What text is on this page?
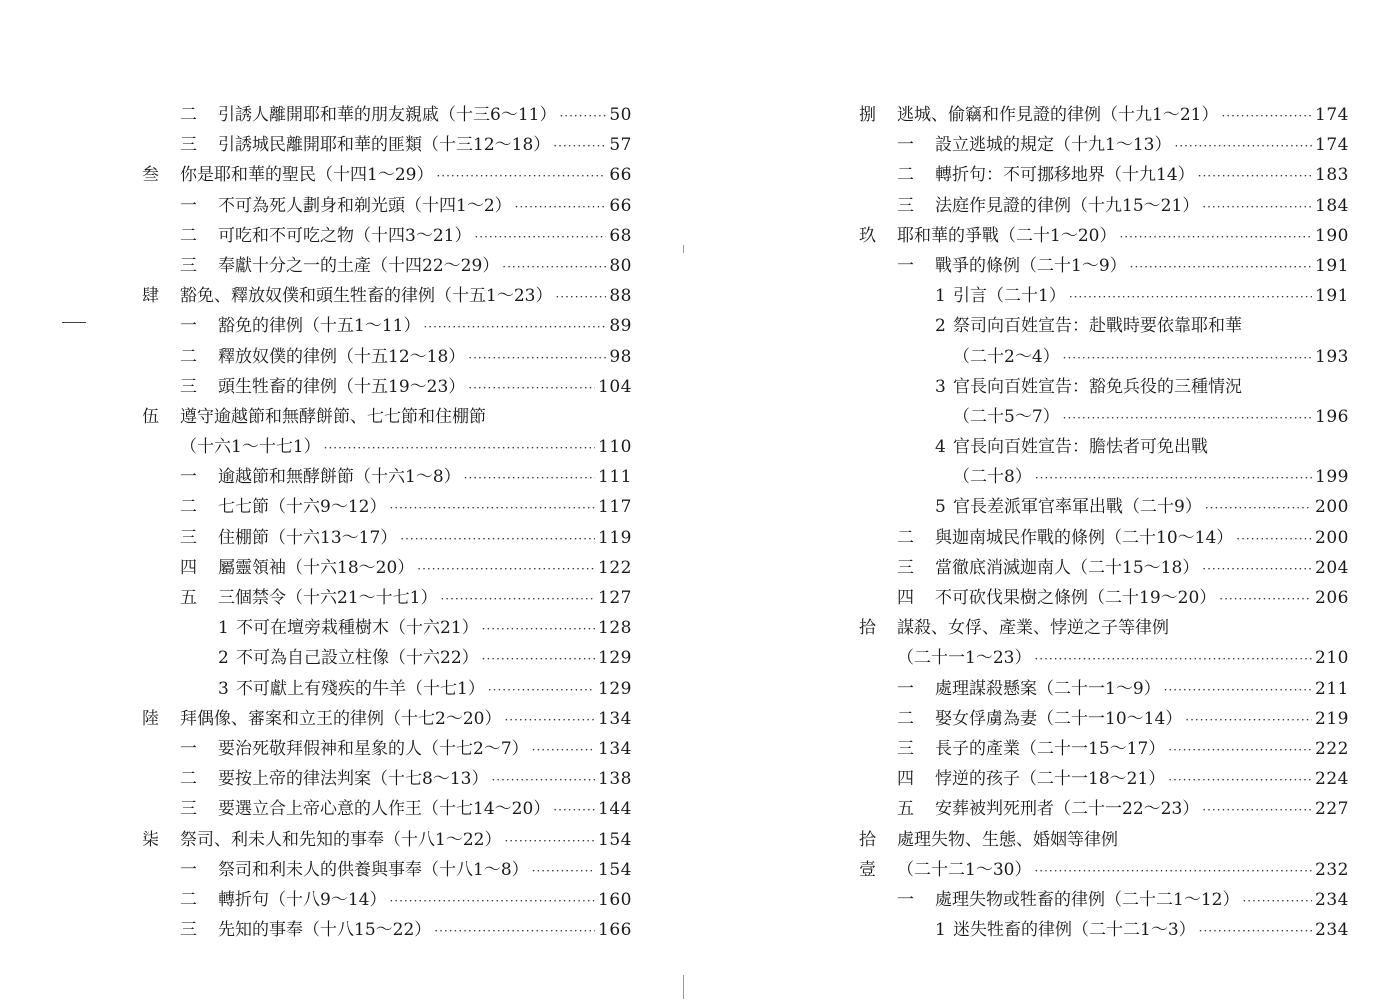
二	引誘人離開耶和華的朋友親戚（十三6～11） ·····	50
三	引誘城民離開耶和華的匪類（十三12～18） ·····	57
叁	你是耶和華的聖民（十四1～29） ·····	66
一	不可為死人劃身和剃光頭（十四1～2） ·····	66
二	可吃和不可吃之物（十四3～21） ·····	68
三	奉獻十分之一的土產（十四22～29） ·····	80
肆	豁免、釋放奴僕和頭生牲畜的律例（十五1～23） ·····	88
一	豁免的律例（十五1～11） ·····	89
二	釋放奴僕的律例（十五12～18） ·····	98
三	頭生牲畜的律例（十五19～23） ·····	104
伍	遵守逾越節和無酵餅節、七七節和住棚節
（十六1～十七1） ·····	110
一	逾越節和無酵餅節（十六1～8） ·····	111
二	七七節（十六9～12） ·····	117
三	住棚節（十六13～17） ·····	119
四	屬靈領袖（十六18～20） ·····	122
五	三個禁令（十六21～十七1） ·····	127
1 不可在壇旁栽種樹木（十六21） ·····	128
2 不可為自己設立柱像（十六22） ·····	129
3 不可獻上有殘疾的牛羊（十七1） ·····	129
陸	拜偶像、審案和立王的律例（十七2～20） ·····	134
一	要治死敬拜假神和星象的人（十七2～7） ·····	134
二	要按上帝的律法判案（十七8～13） ·····	138
三	要選立合上帝心意的人作王（十七14～20） ·····	144
柒	祭司、利未人和先知的事奉（十八1～22） ·····	154
一	祭司和利未人的供養與事奉（十八1～8） ·····	154
二	轉折句（十八9～14） ·····	160
三	先知的事奉（十八15～22） ·····	166
捌	逃城、偷竊和作見證的律例（十九1～21） ·····	174
一	設立逃城的規定（十九1～13） ·····	174
二	轉折句：不可挪移地界（十九14） ·····	183
三	法庭作見證的律例（十九15～21） ·····	184
玖	耶和華的爭戰（二十1～20） ·····	190
一	戰爭的條例（二十1～9） ·····	191
1 引言（二十1） ·····	191
2 祭司向百姓宣告：赴戰時要依靠耶和華
（二十2～4） ·····	193
3 官長向百姓宣告：豁免兵役的三種情況
（二十5～7） ·····	196
4 官長向百姓宣告：膽怯者可免出戰
（二十8） ·····	199
5 官長差派軍官率軍出戰（二十9） ·····	200
二	與迦南城民作戰的條例（二十10～14） ·····	200
三	當徹底消滅迦南人（二十15～18） ·····	204
四	不可砍伐果樹之條例（二十19～20） ·····	206
拾	謀殺、女俘、產業、悖逆之子等律例
（二十一1～23） ·····	210
一	處理謀殺懸案（二十一1～9） ·····	211
二	娶女俘虜為妻（二十一10～14） ·····	219
三	長子的產業（二十一15～17） ·····	222
四	悖逆的孩子（二十一18～21） ·····	224
五	安葬被判死刑者（二十一22～23） ·····	227
拾	處理失物、生態、婚姻等律例
壹	（二十二1～30） ·····	232
一	處理失物或牲畜的律例（二十二1～12） ·····	234
1 迷失牲畜的律例（二十二1～3） ·····	234
